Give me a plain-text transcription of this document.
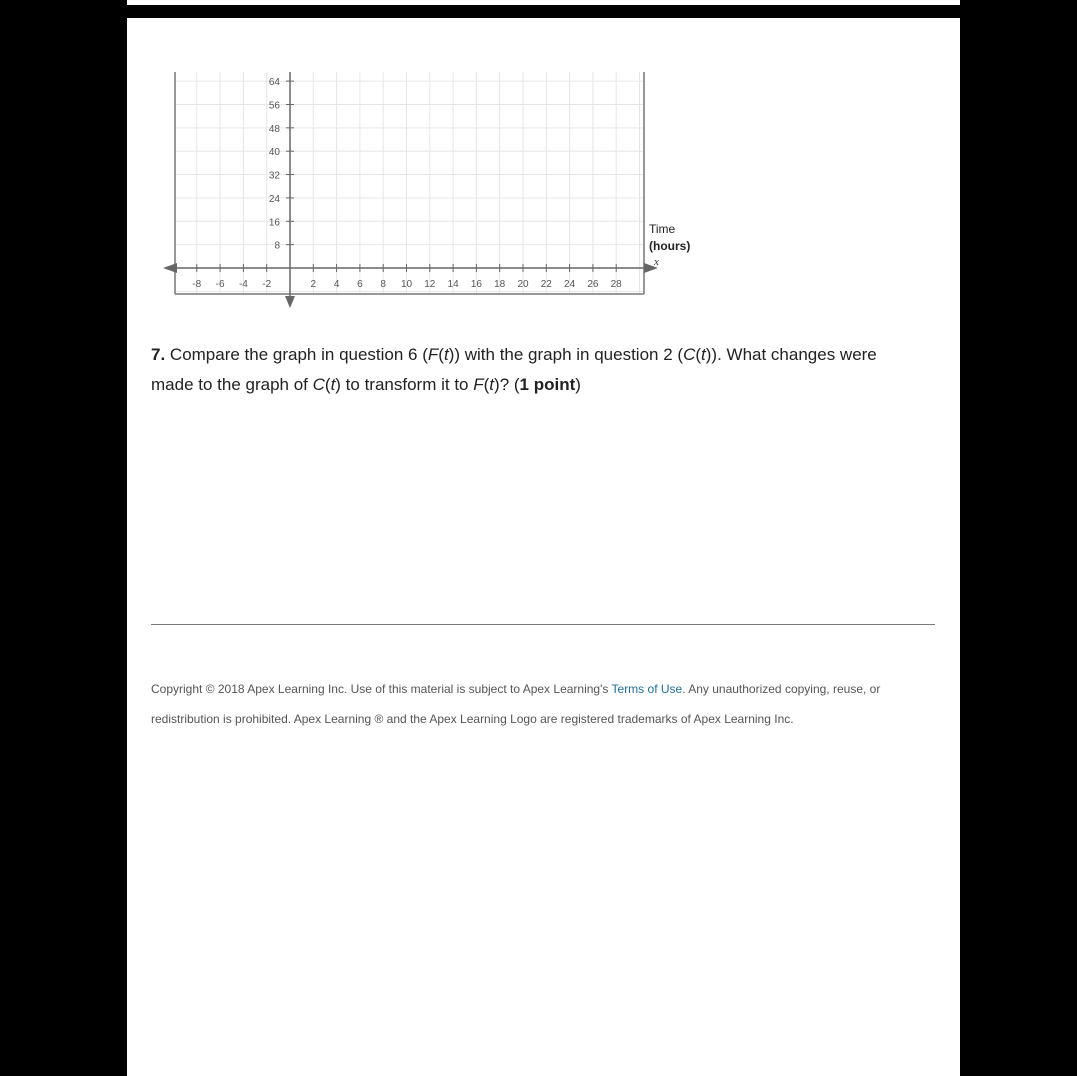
-8 -6 -4 -2	2 4 6 8 10 12 14 16 18 20 22 24 26 28
64
56
48
40
32
24
16
8
Time
(hours)
x
7. Compare the graph in question 6 (F(t)) with the graph in question 2 (C(t)). What changes were made to the graph of C(t) to transform it to F(t)? (1 point)
Copyright © 2018 Apex Learning Inc. Use of this material is subject to Apex Learning's Terms of Use. Any unauthorized copying, reuse, or
redistribution is prohibited. Apex Learning ® and the Apex Learning Logo are registered trademarks of Apex Learning Inc.
